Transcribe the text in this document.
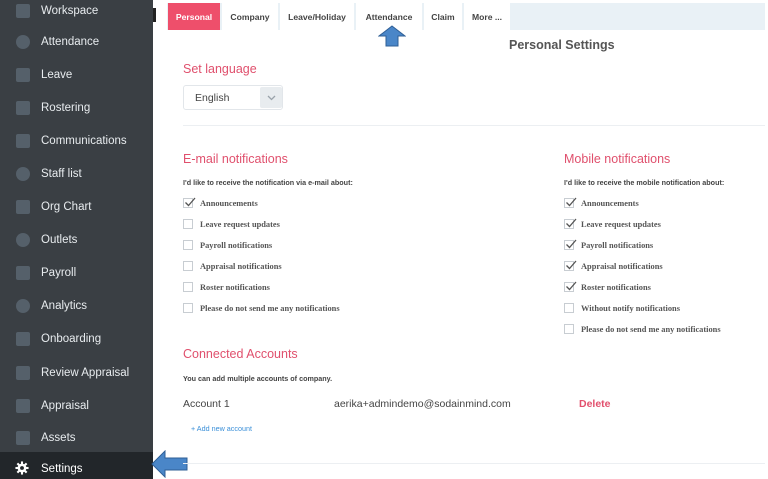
Workspace
Attendance
Leave
Rostering
Communications
Staff list
Org Chart
Outlets
Payroll
Analytics
Onboarding
Review Appraisal
Appraisal
Assets
Settings
Personal	Company	Leave/Holiday	Attendance	Claim	More ...
Personal Settings
Set language
English
E-mail notifications
I'd like to receive the notification via e-mail about:
Announcements
Leave request updates
Payroll notifications
Appraisal notifications
Roster notifications
Please do not send me any notifications
Mobile notifications
I'd like to receive the mobile notification about:
Announcements
Leave request updates
Payroll notifications
Appraisal notifications
Roster notifications
Without notify notifications
Please do not send me any notifications
Connected Accounts
You can add multiple accounts of company.
Account 1	aerika+admindemo@sodainmind.com	Delete
+ Add new account
